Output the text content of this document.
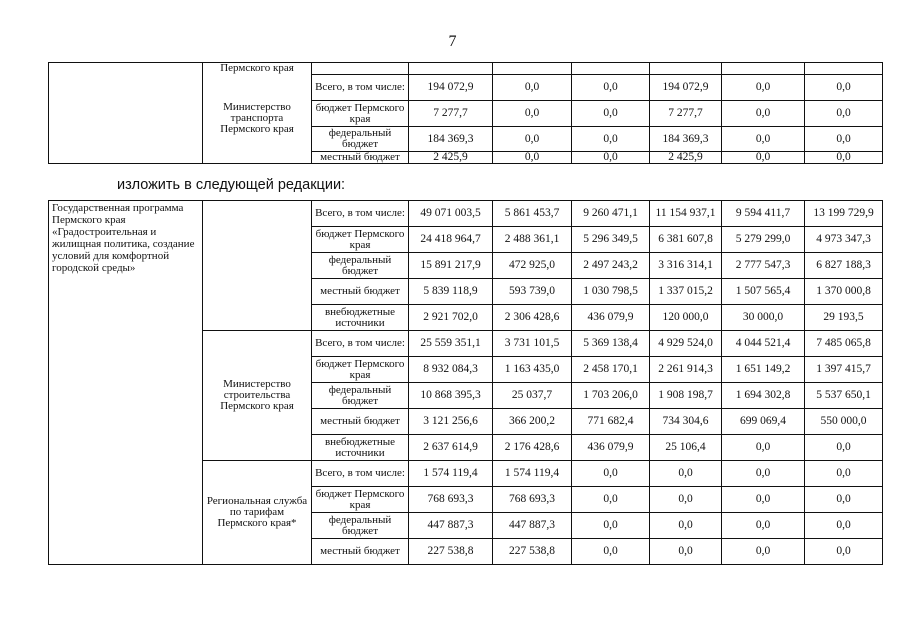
7
	Пермского края							
	Министерство транспорта Пермского края	Всего, в том числе:	194 072,9	0,0	0,0	194 072,9	0,0	0,0
		бюджет Пермского края	7 277,7	0,0	0,0	7 277,7	0,0	0,0
		федеральный бюджет	184 369,3	0,0	0,0	184 369,3	0,0	0,0
		местный бюджет	2 425,9	0,0	0,0	2 425,9	0,0	0,0
изложить в следующей редакции:
Государственная программа Пермского края «Градостроительная и жилищная политика, создание условий для комфортной городской среды»		Всего, в том числе:	49 071 003,5	5 861 453,7	9 260 471,1	11 154 937,1	9 594 411,7	13 199 729,9
		бюджет Пермского края	24 418 964,7	2 488 361,1	5 296 349,5	6 381 607,8	5 279 299,0	4 973 347,3
		федеральный бюджет	15 891 217,9	472 925,0	2 497 243,2	3 316 314,1	2 777 547,3	6 827 188,3
		местный бюджет	5 839 118,9	593 739,0	1 030 798,5	1 337 015,2	1 507 565,4	1 370 000,8
		внебюджетные источники	2 921 702,0	2 306 428,6	436 079,9	120 000,0	30 000,0	29 193,5
	Министерство строительства Пермского края	Всего, в том числе:	25 559 351,1	3 731 101,5	5 369 138,4	4 929 524,0	4 044 521,4	7 485 065,8
		бюджет Пермского края	8 932 084,3	1 163 435,0	2 458 170,1	2 261 914,3	1 651 149,2	1 397 415,7
		федеральный бюджет	10 868 395,3	25 037,7	1 703 206,0	1 908 198,7	1 694 302,8	5 537 650,1
		местный бюджет	3 121 256,6	366 200,2	771 682,4	734 304,6	699 069,4	550 000,0
		внебюджетные источники	2 637 614,9	2 176 428,6	436 079,9	25 106,4	0,0	0,0
	Региональная служба по тарифам Пермского края*	Всего, в том числе:	1 574 119,4	1 574 119,4	0,0	0,0	0,0	0,0
		бюджет Пермского края	768 693,3	768 693,3	0,0	0,0	0,0	0,0
		федеральный бюджет	447 887,3	447 887,3	0,0	0,0	0,0	0,0
		местный бюджет	227 538,8	227 538,8	0,0	0,0	0,0	0,0
